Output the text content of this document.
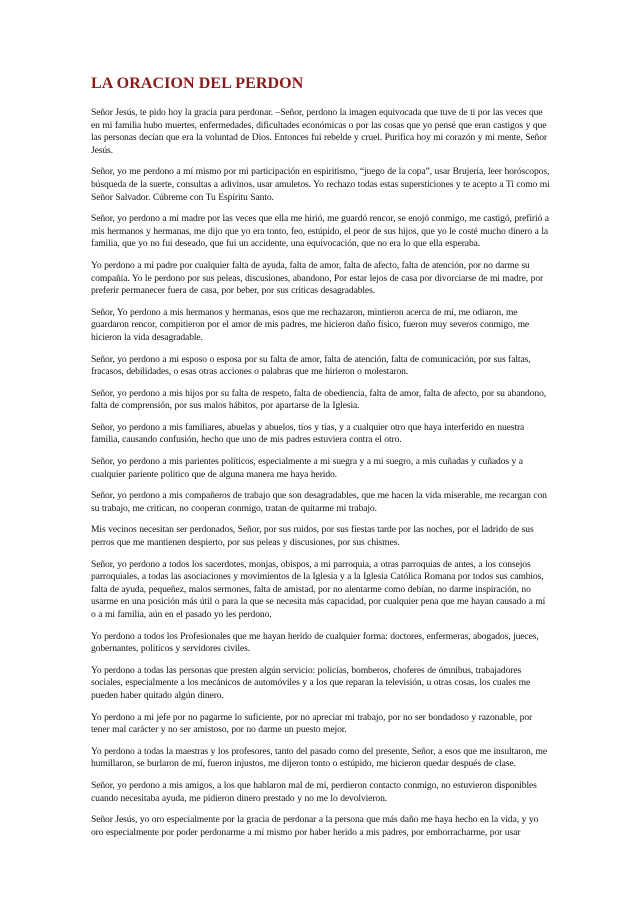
LA ORACION DEL PERDON

Señor Jesús, te pido hoy la gracia para perdonar. –Señor, perdono la imagen equivocada que tuve de ti por las veces que en mi familia hubo muertes, enfermedades, dificultades económicas o por las cosas que yo pensé que eran castigos y que las personas decían que era la voluntad de Dios. Entonces fui rebelde y cruel. Purifica hoy mi corazón y mi mente, Señor Jesús.

Señor, yo me perdono a mí mismo por mi participación en espiritismo, “juego de la copa”, usar Brujería, leer horóscopos, búsqueda de la suerte, consultas a adivinos, usar amuletos. Yo rechazo todas estas supersticiones y te acepto a Ti como mi Señor Salvador. Cúbreme con Tu Espíritu Santo.

Señor, yo perdono a mi madre por las veces que ella me hirió, me guardó rencor, se enojó conmigo, me castigó, prefirió a mis hermanos y hermanas, me dijo que yo era tonto, feo, estúpido, el peor de sus hijos, que yo le costé mucho dinero a la familia, que yo no fui deseado, que fui un accidente, una equivocación, que no era lo que ella esperaba.

Yo perdono a mi padre por cualquier falta de ayuda, falta de amor, falta de afecto, falta de atención, por no darme su compañía. Yo le perdono por sus peleas, discusiones, abandono, Por estar lejos de casa por divorciarse de mi madre, por preferir permanecer fuera de casa, por beber, por sus críticas desagradables.

Señor, Yo perdono a mis hermanos y hermanas, esos que me rechazaron, mintieron acerca de mí, me odiaron, me guardaron rencor, compitieron por el amor de mis padres, me hicieron daño físico, fueron muy severos conmigo, me hicieron la vida desagradable.

Señor, yo perdono a mi esposo o esposa por su falta de amor, falta de atención, falta de comunicación, por sus faltas, fracasos, debilidades, o esas otras acciones o palabras que me hirieron o molestaron.

Señor, yo perdono a mis hijos por su falta de respeto, falta de obediencia, falta de amor, falta de afecto, por su abandono, falta de comprensión, por sus malos hábitos, por apartarse de la Iglesia.

Señor, yo perdono a mis familiares, abuelas y abuelos, tíos y tías, y a cualquier otro que haya interferido en nuestra familia, causando confusión, hecho que uno de mis padres estuviera contra el otro.

Señor, yo perdono a mis parientes políticos, especialmente a mi suegra y a mi suegro, a mis cuñadas y cuñados y a cualquier pariente político que de alguna manera me haya herido.

Señor, yo perdono a mis compañeros de trabajo que son desagradables, que me hacen la vida miserable, me recargan con su trabajo, me critican, no cooperan conmigo, tratan de quitarme mi trabajo.

Mis vecinos necesitan ser perdonados, Señor, por sus ruidos, por sus fiestas tarde por las noches, por el ladrido de sus perros que me mantienen despierto, por sus peleas y discusiones, por sus chismes.

Señor, yo perdono a todos los sacerdotes, monjas, obispos, a mi parroquia, a otras parroquias de antes, a los consejos parroquiales, a todas las asociaciones y movimientos de la Iglesia y a la Iglesia Católica Romana por todos sus cambios, falta de ayuda, pequeñez, malos sermones, falta de amistad, por no alentarme como debían, no darme inspiración, no usarme en una posición más útil o para la que se necesita más capacidad, por cualquier pena que me hayan causado a mí o a mi familia, aún en el pasado yo les perdono.

Yo perdono a todos los Profesionales que me hayan herido de cualquier forma: doctores, enfermeras, abogados, jueces, gobernantes, políticos y servidores civiles.

Yo perdono a todas las personas que presten algún servicio: policías, bomberos, choferes de ómnibus, trabajadores sociales, especialmente a los mecánicos de automóviles y a los que reparan la televisión, u otras cosas, los cuales me pueden haber quitado algún dinero.

Yo perdono a mi jefe por no pagarme lo suficiente, por no apreciar mi trabajo, por no ser bondadoso y razonable, por tener mal carácter y no ser amistoso, por no darme un puesto mejor.

Yo perdono a todas la maestras y los profesores, tanto del pasado como del presente, Señor, a esos que me insultaron, me humillaron, se burlaron de mí, fueron injustos, me dijeron tonto o estúpido, me hicieron quedar después de clase.

Señor, yo perdono a mis amigos, a los que hablaron mal de mí, perdieron contacto conmigo, no estuvieron disponibles cuando necesitaba ayuda, me pidieron dinero prestado y no me lo devolvieron.

Señor Jesús, yo oro especialmente por la gracia de perdonar a la persona que más daño me haya hecho en la vida, y yo oro especialmente por poder perdonarme a mí mismo por haber herido a mis padres, por emborracharme, por usar
